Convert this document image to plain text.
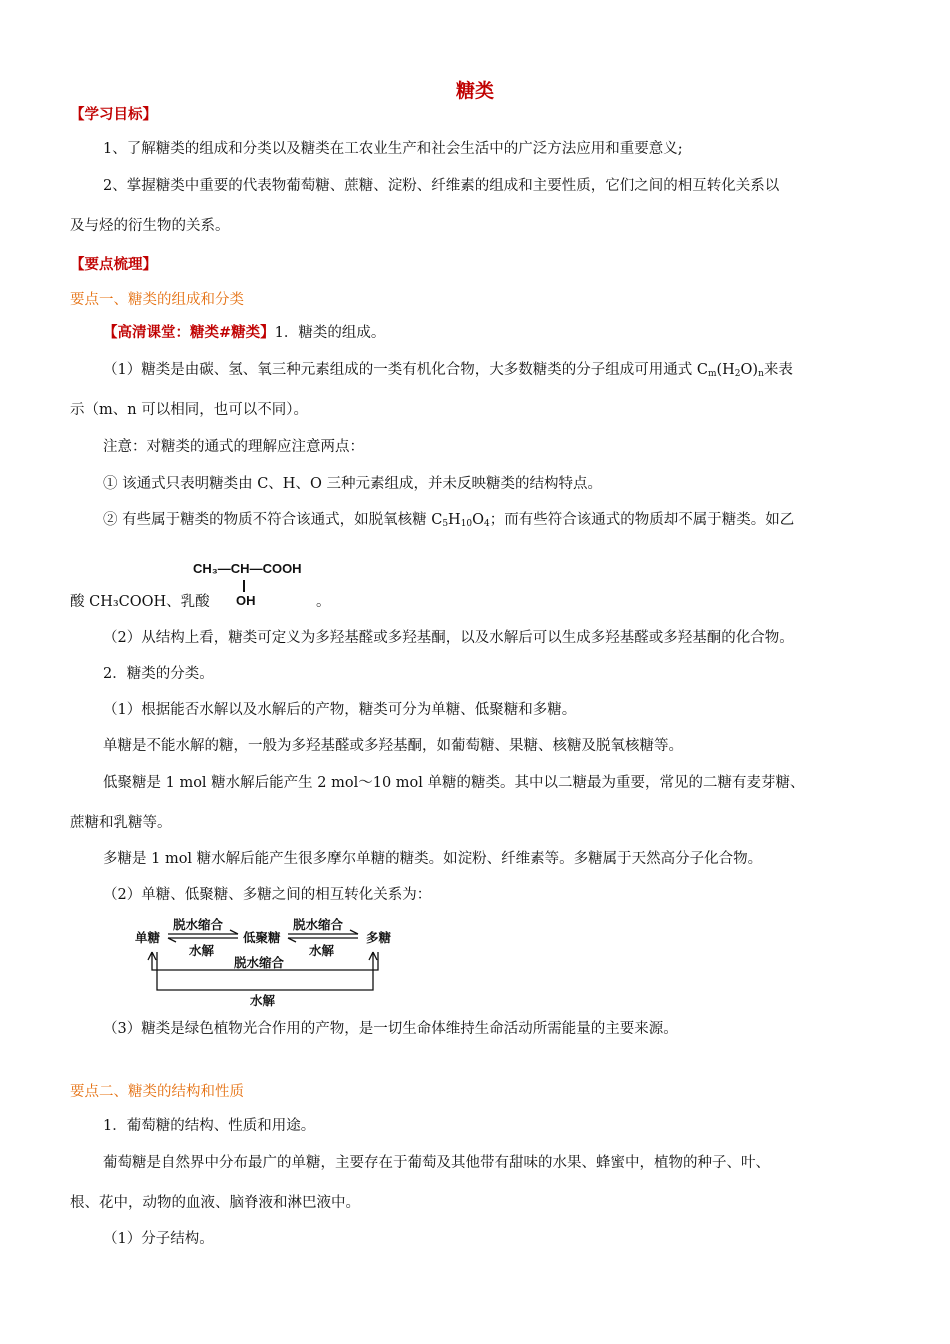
糖类
【学习目标】
1、了解糖类的组成和分类以及糖类在工农业生产和社会生活中的广泛方法应用和重要意义;
2、掌握糖类中重要的代表物葡萄糖、蔗糖、淀粉、纤维素的组成和主要性质，它们之间的相互转化关系以
及与烃的衍生物的关系。
【要点梳理】
要点一、糖类的组成和分类
【高清课堂：糖类#糖类】1．糖类的组成。
（1）糖类是由碳、氢、氧三种元素组成的一类有机化合物，大多数糖类的分子组成可用通式 $C_m(H_2O)_n$来表
示（m、n 可以相同，也可以不同）。
注意：对糖类的通式的理解应注意两点：
① 该通式只表明糖类由 C、H、O 三种元素组成，并未反映糖类的结构特点。
② 有些属于糖类的物质不符合该通式，如脱氧核糖 $C_5H_{10}O_4$；而有些符合该通式的物质却不属于糖类。如乙
CH₃—CH—COOH
OH
酸 CH₃COOH、乳酸	。
（2）从结构上看，糖类可定义为多羟基醛或多羟基酮，以及水解后可以生成多羟基醛或多羟基酮的化合物。
2．糖类的分类。
（1）根据能否水解以及水解后的产物，糖类可分为单糖、低聚糖和多糖。
单糖是不能水解的糖，一般为多羟基醛或多羟基酮，如葡萄糖、果糖、核糖及脱氧核糖等。
低聚糖是 1 mol 糖水解后能产生 2 mol～10 mol 单糖的糖类。其中以二糖最为重要，常见的二糖有麦芽糖、
蔗糖和乳糖等。
多糖是 1 mol 糖水解后能产生很多摩尔单糖的糖类。如淀粉、纤维素等。多糖属于天然高分子化合物。
（2）单糖、低聚糖、多糖之间的相互转化关系为：
单糖	低聚糖	多糖
脱水缩合
水解
脱水缩合
水解
脱水缩合
水解
（3）糖类是绿色植物光合作用的产物，是一切生命体维持生命活动所需能量的主要来源。
要点二、糖类的结构和性质
1．葡萄糖的结构、性质和用途。
葡萄糖是自然界中分布最广的单糖，主要存在于葡萄及其他带有甜味的水果、蜂蜜中，植物的种子、叶、
根、花中，动物的血液、脑脊液和淋巴液中。
（1）分子结构。
